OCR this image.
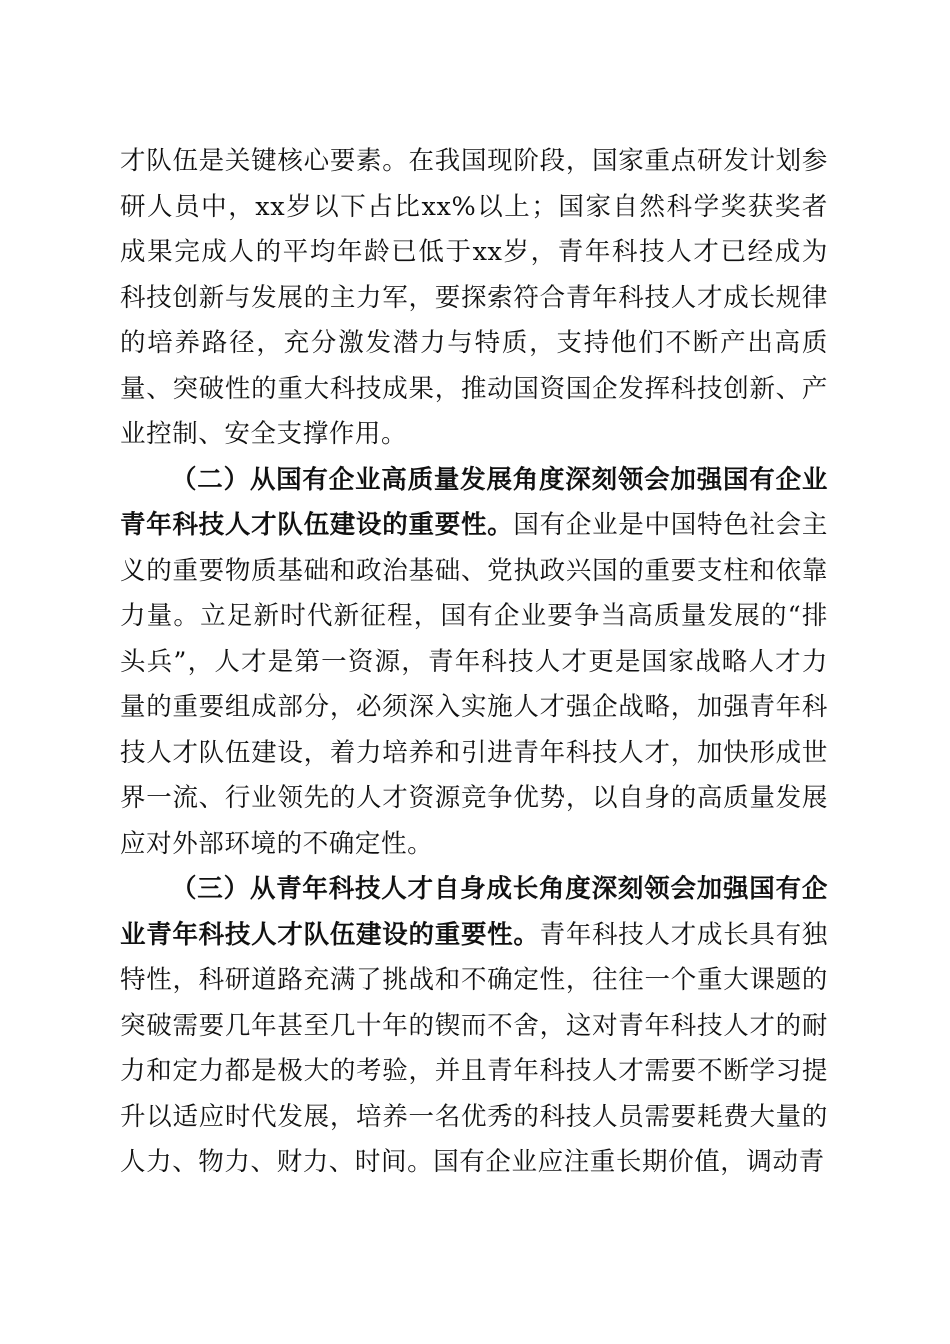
才队伍是关键核心要素。在我国现阶段，国家重点研发计划参研人员中，xx岁以下占比xx%以上；国家自然科学奖获奖者成果完成人的平均年龄已低于xx岁，青年科技人才已经成为科技创新与发展的主力军，要探索符合青年科技人才成长规律的培养路径，充分激发潜力与特质，支持他们不断产出高质量、突破性的重大科技成果，推动国资国企发挥科技创新、产业控制、安全支撑作用。

（二）从国有企业高质量发展角度深刻领会加强国有企业青年科技人才队伍建设的重要性。国有企业是中国特色社会主义的重要物质基础和政治基础、党执政兴国的重要支柱和依靠力量。立足新时代新征程，国有企业要争当高质量发展的“排头兵”，人才是第一资源，青年科技人才更是国家战略人才力量的重要组成部分，必须深入实施人才强企战略，加强青年科技人才队伍建设，着力培养和引进青年科技人才，加快形成世界一流、行业领先的人才资源竞争优势，以自身的高质量发展应对外部环境的不确定性。

（三）从青年科技人才自身成长角度深刻领会加强国有企业青年科技人才队伍建设的重要性。青年科技人才成长具有独特性，科研道路充满了挑战和不确定性，往往一个重大课题的突破需要几年甚至几十年的锲而不舍，这对青年科技人才的耐力和定力都是极大的考验，并且青年科技人才需要不断学习提升以适应时代发展，培养一名优秀的科技人员需要耗费大量的人力、物力、财力、时间。国有企业应注重长期价值，调动青
